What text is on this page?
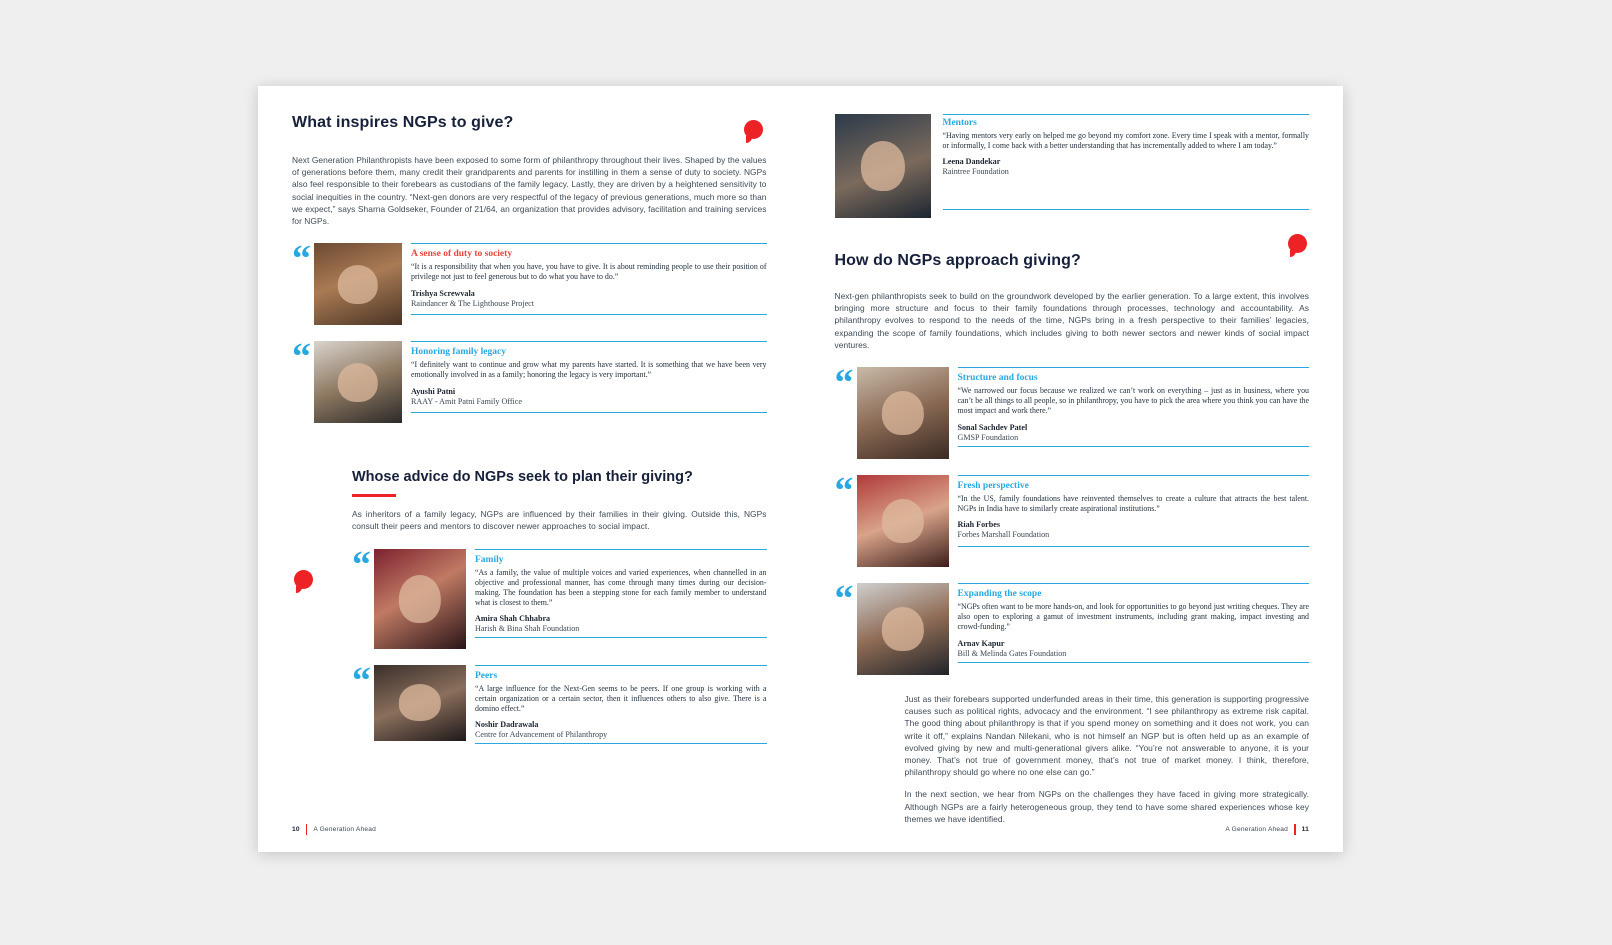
What inspires NGPs to give?

Next Generation Philanthropists have been exposed to some form of philanthropy throughout their lives. Shaped by the values of generations before them, many credit their grandparents and parents for instilling in them a sense of duty to society. NGPs also feel responsible to their forebears as custodians of the family legacy. Lastly, they are driven by a heightened sensitivity to social inequities in the country. “Next-gen donors are very respectful of the legacy of previous generations, much more so than we expect,” says Sharna Goldseker, Founder of 21/64, an organization that provides advisory, facilitation and training services for NGPs.

“	A sense of duty to society

“It is a responsibility that when you have, you have to give. It is about reminding people to use their position of privilege not just to feel generous but to do what you have to do.”

Trishya Screwvala
Raindancer & The Lighthouse Project
“	Honoring family legacy

“I definitely want to continue and grow what my parents have started. It is something that we have been very emotionally involved in as a family; honoring the legacy is very important.”

Ayushi Patni
RAAY - Amit Patni Family Office
Whose advice do NGPs seek to plan their giving?

As inheritors of a family legacy, NGPs are influenced by their families in their giving. Outside this, NGPs consult their peers and mentors to discover newer approaches to social impact.

“	Family

“As a family, the value of multiple voices and varied experiences, when channelled in an objective and professional manner, has come through many times during our decision-making. The foundation has been a stepping stone for each family member to understand what is closest to them.”

Amira Shah Chhabra
Harish & Bina Shah Foundation
“	Peers

“A large influence for the Next-Gen seems to be peers. If one group is working with a certain organization or a certain sector, then it influences others to also give. There is a domino effect.”

Noshir Dadrawala
Centre for Advancement of Philanthropy
10 A Generation Ahead
Mentors

“Having mentors very early on helped me go beyond my comfort zone. Every time I speak with a mentor, formally or informally, I come back with a better understanding that has incrementally added to where I am today.”

Leena Dandekar
Raintree Foundation
How do NGPs approach giving?

Next-gen philanthropists seek to build on the groundwork developed by the earlier generation. To a large extent, this involves bringing more structure and focus to their family foundations through processes, technology and accountability. As philanthropy evolves to respond to the needs of the time, NGPs bring in a fresh perspective to their families’ legacies, expanding the scope of family foundations, which includes giving to both newer sectors and newer kinds of social impact ventures.

“	Structure and focus

“We narrowed our focus because we realized we can’t work on everything – just as in business, where you can’t be all things to all people, so in philanthropy, you have to pick the area where you think you can have the most impact and work there.”

Sonal Sachdev Patel
GMSP Foundation
“	Fresh perspective

“In the US, family foundations have reinvented themselves to create a culture that attracts the best talent. NGPs in India have to similarly create aspirational institutions.”

Riah Forbes
Forbes Marshall Foundation
“	Expanding the scope

“NGPs often want to be more hands-on, and look for opportunities to go beyond just writing cheques. They are also open to exploring a gamut of investment instruments, including grant making, impact investing and crowd-funding.”

Arnav Kapur
Bill & Melinda Gates Foundation

Just as their forebears supported underfunded areas in their time, this generation is supporting progressive causes such as political rights, advocacy and the environment. “I see philanthropy as extreme risk capital. The good thing about philanthropy is that if you spend money on something and it does not work, you can write it off,” explains Nandan Nilekani, who is not himself an NGP but is often held up as an example of evolved giving by new and multi-generational givers alike. “You’re not answerable to anyone, it is your money. That’s not true of government money, that’s not true of market money. I think, therefore, philanthropy should go where no one else can go.”

In the next section, we hear from NGPs on the challenges they have faced in giving more strategically. Although NGPs are a fairly heterogeneous group, they tend to have some shared experiences whose key themes we have identified.

A Generation Ahead 11
